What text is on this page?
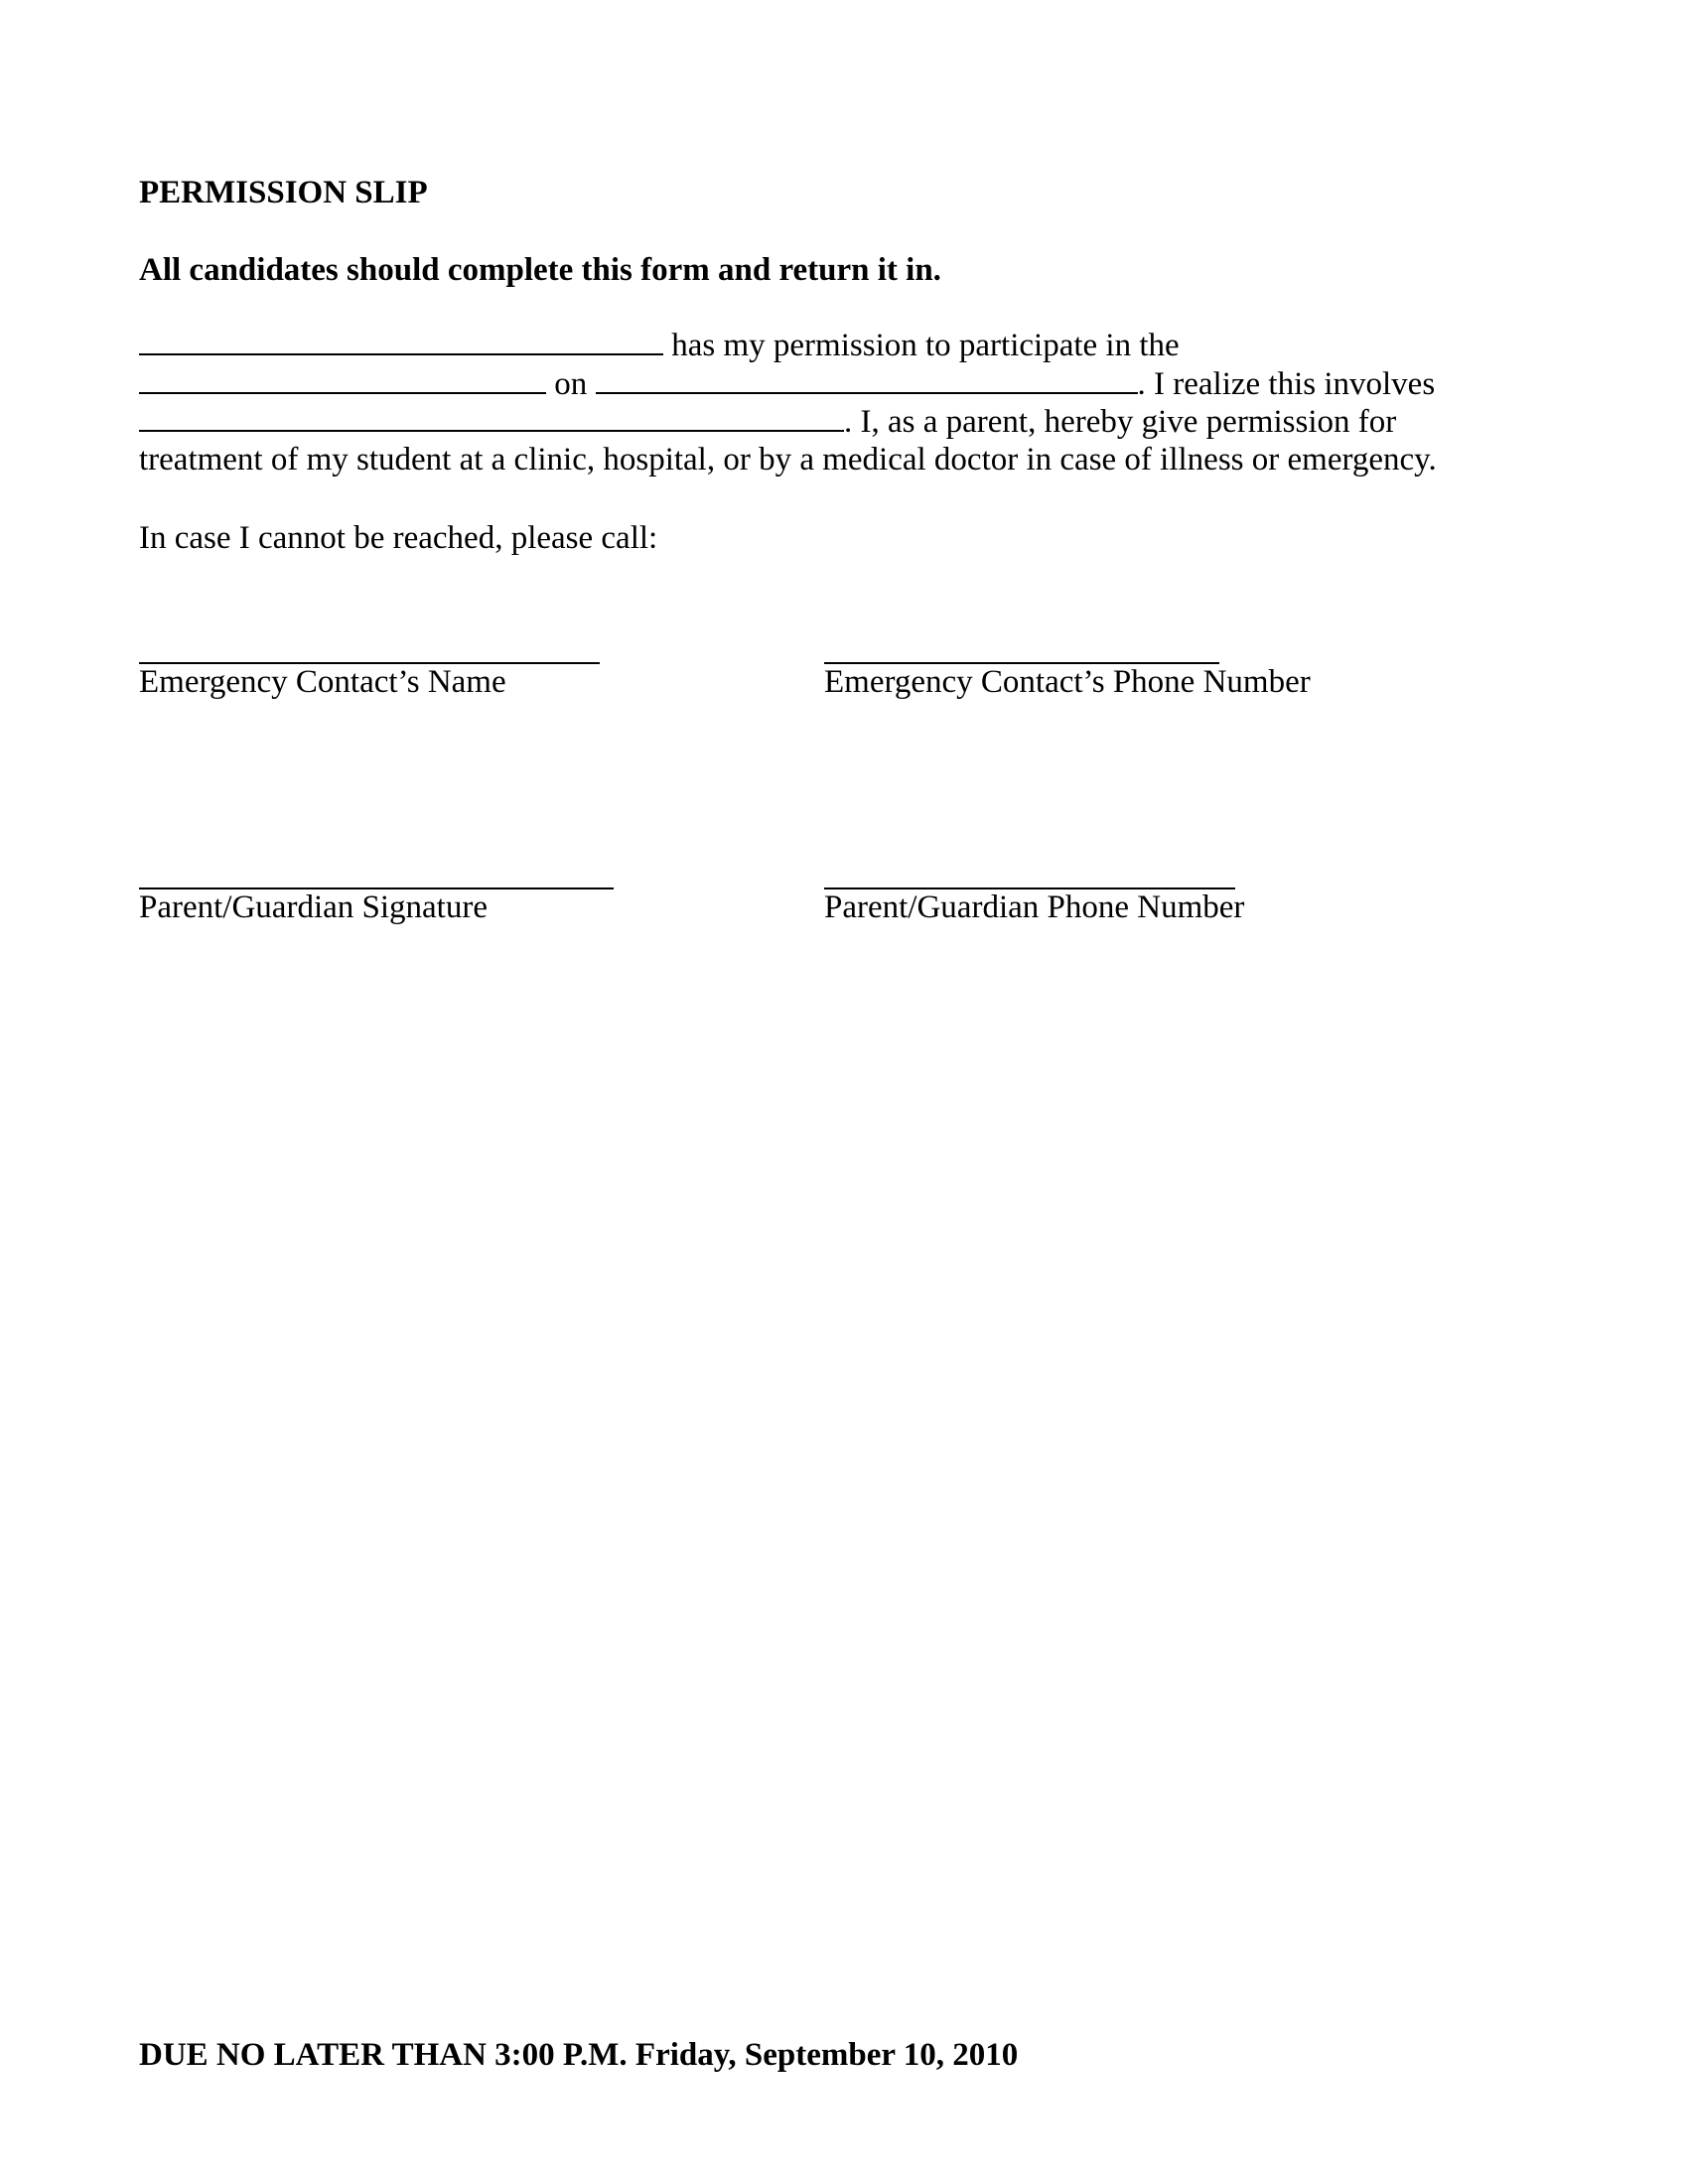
PERMISSION SLIP
All candidates should complete this form and return it in.
has my permission to participate in the
on	. I realize this involves
. I, as a parent, hereby give permission for
treatment of my student at a clinic, hospital, or by a medical doctor in case of illness or emergency.
In case I cannot be reached, please call:
Emergency Contact’s Name	Emergency Contact’s Phone Number
Parent/Guardian Signature	Parent/Guardian Phone Number
DUE NO LATER THAN 3:00 P.M. Friday, September 10, 2010
